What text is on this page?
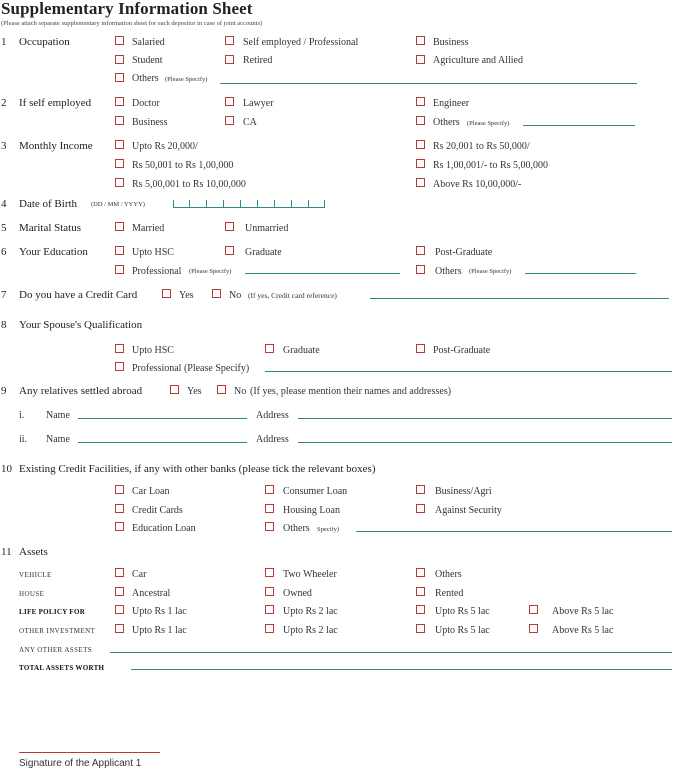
Supplementary Information Sheet
(Please attach separate supplementary information sheet for each depositor in case of joint accounts)
1 Occupation	Salaried	Self employed / Professional	Business
Student	Retired	Agriculture and Allied
Others (Please Specify)
2 If self employed	Doctor	Lawyer	Engineer
Business	CA	Others (Please Specify)
3 Monthly Income	Upto Rs 20,000/	Rs 20,001 to Rs 50,000/
Rs 50,001 to Rs 1,00,000	Rs 1,00,001/- to Rs 5,00,000
Rs 5,00,001 to Rs 10,00,000	Above Rs 10,00,000/-
4 Date of Birth (DD / MM / YYYY)
5 Marital Status	Married	Unmarried
6 Your Education	Upto HSC	Graduate	Post-Graduate
Professional (Please Specify)	Others (Please Specify)
7 Do you have a Credit Card	Yes	No (If yes, Credit card reference)
8 Your Spouse's Qualification
Upto HSC	Graduate	Post-Graduate
Professional (Please Specify)
9 Any relatives settled abroad	Yes	No (If yes, please mention their names and addresses)
i. Name	Address
ii. Name	Address
10 Existing Credit Facilities, if any with other banks (please tick the relevant boxes)
Car Loan	Consumer Loan	Business/Agri
Credit Cards	Housing Loan	Against Security
Education Loan	Others Specify)
11 Assets
VEHICLE	Car	Two Wheeler	Others
HOUSE	Ancestral	Owned	Rented
LIFE POLICY FOR	Upto Rs 1 lac	Upto Rs 2 lac	Upto Rs 5 lac	Above Rs 5 lac
OTHER INVESTMENT	Upto Rs 1 lac	Upto Rs 2 lac	Upto Rs 5 lac	Above Rs 5 lac
ANY OTHER ASSETS
TOTAL ASSETS WORTH
Signature of the Applicant 1
